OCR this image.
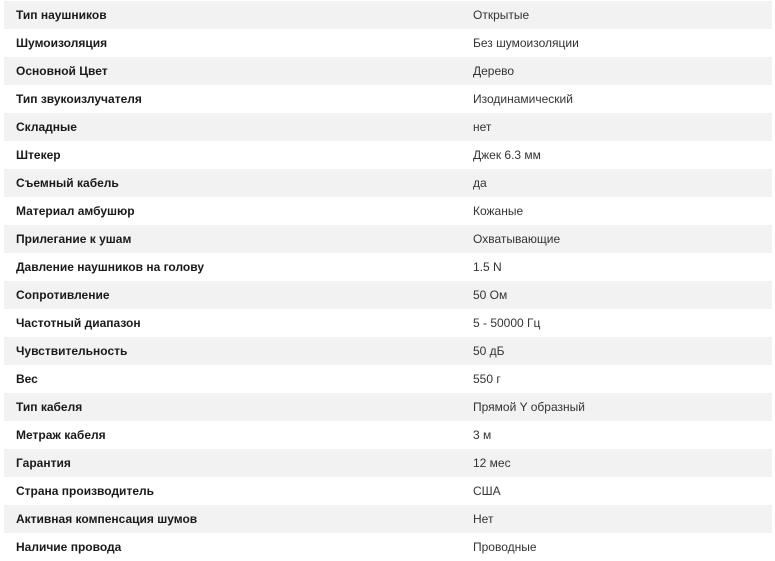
Тип наушников	Открытые
Шумоизоляция	Без шумоизоляции
Основной Цвет	Дерево
Тип звукоизлучателя	Изодинамический
Складные	нет
Штекер	Джек 6.3 мм
Съемный кабель	да
Материал амбушюр	Кожаные
Прилегание к ушам	Охватывающие
Давление наушников на голову	1.5 N
Сопротивление	50 Ом
Частотный диапазон	5 - 50000 Гц
Чувствительность	50 дБ
Вес	550 г
Тип кабеля	Прямой Y образный
Метраж кабеля	3 м
Гарантия	12 мес
Страна производитель	США
Активная компенсация шумов	Нет
Наличие провода	Проводные
